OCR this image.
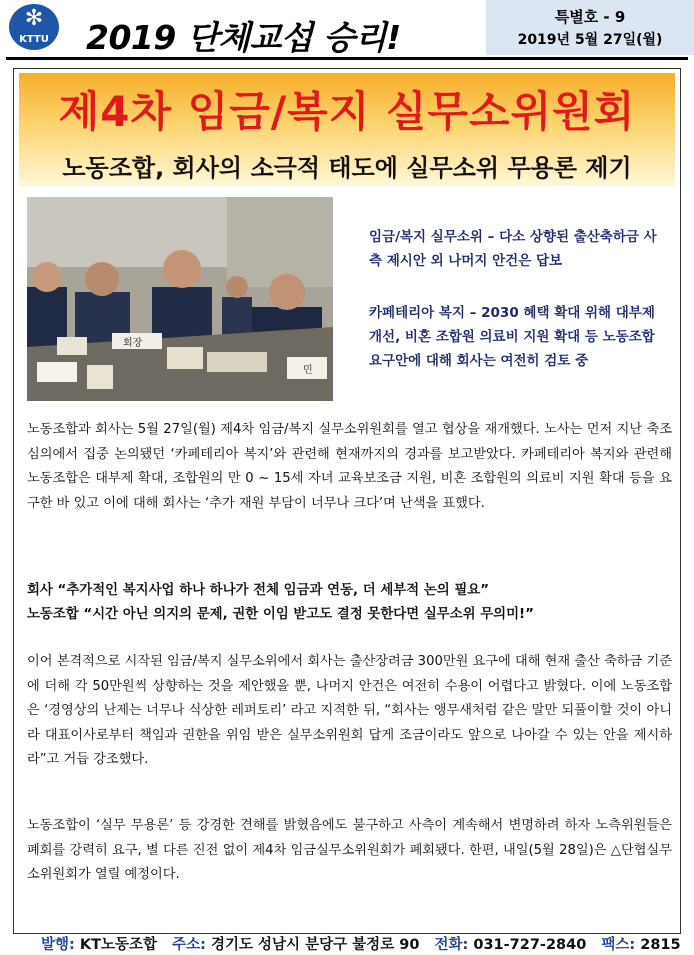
✻
KTTU	2019 단체교섭 승리!
특별호 - 9
2019년 5월 27일(월)
제4차 임금/복지 실무소위원회
노동조합, 회사의 소극적 태도에 실무소위 무용론 제기
회장
민
임금/복지 실무소위 – 다소 상향된 출산축하금 사측 제시안 외 나머지 안건은 답보
카페테리아 복지 – 2030 혜택 확대 위해 대부제 개선, 비혼 조합원 의료비 지원 확대 등 노동조합 요구안에 대해 회사는 여전히 검토 중
노동조합과 회사는 5월 27일(월) 제4차 임금/복지 실무소위원회를 열고 협상을 재개했다. 노사는 먼저 지난 축조심의에서 집중 논의됐던 ‘카페테리아 복지’와 관련해 현재까지의 경과를 보고받았다. 카페테리아 복지와 관련해 노동조합은 대부제 확대, 조합원의 만 0 ~ 15세 자녀 교육보조금 지원, 비혼 조합원의 의료비 지원 확대 등을 요구한 바 있고 이에 대해 회사는 ‘추가 재원 부담이 너무나 크다’며 난색을 표했다.
회사 “추가적인 복지사업 하나 하나가 전체 임금과 연동, 더 세부적 논의 필요”
노동조합 “시간 아닌 의지의 문제, 권한 이임 받고도 결정 못한다면 실무소위 무의미!”
이어 본격적으로 시작된 임금/복지 실무소위에서 회사는 출산장려금 300만원 요구에 대해 현재 출산 축하금 기준에 더해 각 50만원씩 상향하는 것을 제안했을 뿐, 나머지 안건은 여전히 수용이 어렵다고 밝혔다. 이에 노동조합은 ‘경영상의 난제는 너무나 식상한 레퍼토리’ 라고 지적한 뒤, “회사는 앵무새처럼 같은 말만 되풀이할 것이 아니라 대표이사로부터 책임과 권한을 위임 받은 실무소위원회 답게 조금이라도 앞으로 나아갈 수 있는 안을 제시하라”고 거듭 강조했다.
노동조합이 ‘실무 무용론’ 등 강경한 견해를 밝혔음에도 불구하고 사측이 계속해서 변명하려 하자 노측위원들은 폐회를 강력히 요구, 별 다른 진전 없이 제4차 임금실무소위원회가 폐회됐다. 한편, 내일(5월 28일)은 △단협실무 소위원회가 열릴 예정이다.
발행: KT노동조합 주소: 경기도 성남시 분당구 불정로 90 전화: 031-727-2840 팩스: 2815
